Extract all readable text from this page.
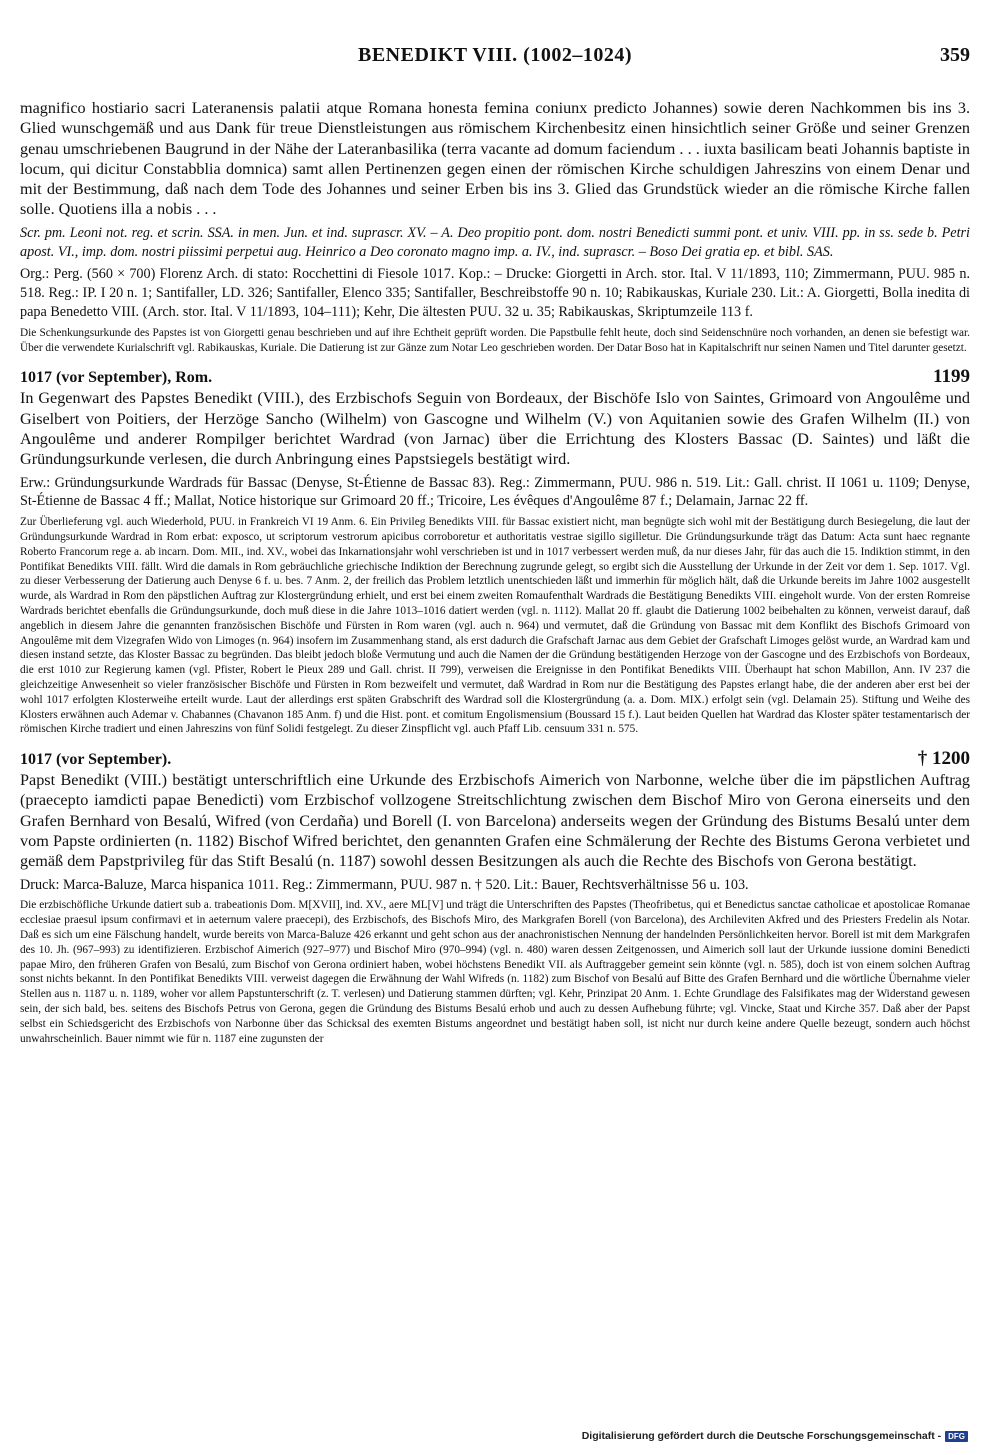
BENEDIKT VIII. (1002–1024)	359

magnifico hostiario sacri Lateranensis palatii atque Romana honesta femina coniunx predicto Johannes) sowie deren Nachkommen bis ins 3. Glied wunschgemäß und aus Dank für treue Dienstleistungen aus römischem Kirchenbesitz einen hinsichtlich seiner Größe und seiner Grenzen genau umschriebenen Baugrund in der Nähe der Lateranbasilika (terra vacante ad domum faciendum . . . iuxta basilicam beati Johannis baptiste in locum, qui dicitur Constabblia domnica) samt allen Pertinenzen gegen einen der römischen Kirche schuldigen Jahreszins von einem Denar und mit der Bestimmung, daß nach dem Tode des Johannes und seiner Erben bis ins 3. Glied das Grundstück wieder an die römische Kirche fallen solle. Quotiens illa a nobis . . .

Scr. pm. Leoni not. reg. et scrin. SSA. in men. Jun. et ind. suprascr. XV. – A. Deo propitio pont. dom. nostri Benedicti summi pont. et univ. VIII. pp. in ss. sede b. Petri apost. VI., imp. dom. nostri piissimi perpetui aug. Heinrico a Deo coronato magno imp. a. IV., ind. suprascr. – Boso Dei gratia ep. et bibl. SAS.

Org.: Perg. (560 × 700) Florenz Arch. di stato: Rocchettini di Fiesole 1017. Kop.: – Drucke: Giorgetti in Arch. stor. Ital. V 11/1893, 110; Zimmermann, PUU. 985 n. 518. Reg.: IP. I 20 n. 1; Santifaller, LD. 326; Santifaller, Elenco 335; Santifaller, Beschreibstoffe 90 n. 10; Rabikauskas, Kuriale 230. Lit.: A. Giorgetti, Bolla inedita di papa Benedetto VIII. (Arch. stor. Ital. V 11/1893, 104–111); Kehr, Die ältesten PUU. 32 u. 35; Rabikauskas, Skriptumzeile 113 f.

Die Schenkungsurkunde des Papstes ist von Giorgetti genau beschrieben und auf ihre Echtheit geprüft worden. Die Papstbulle fehlt heute, doch sind Seidenschnüre noch vorhanden, an denen sie befestigt war. Über die verwendete Kurialschrift vgl. Rabikauskas, Kuriale. Die Datierung ist zur Gänze zum Notar Leo geschrieben worden. Der Datar Boso hat in Kapitalschrift nur seinen Namen und Titel darunter gesetzt.

1017 (vor September), Rom.	1199

In Gegenwart des Papstes Benedikt (VIII.), des Erzbischofs Seguin von Bordeaux, der Bischöfe Islo von Saintes, Grimoard von Angoulême und Giselbert von Poitiers, der Herzöge Sancho (Wilhelm) von Gascogne und Wilhelm (V.) von Aquitanien sowie des Grafen Wilhelm (II.) von Angoulême und anderer Rompilger berichtet Wardrad (von Jarnac) über die Errichtung des Klosters Bassac (D. Saintes) und läßt die Gründungsurkunde verlesen, die durch Anbringung eines Papstsiegels bestätigt wird.

Erw.: Gründungsurkunde Wardrads für Bassac (Denyse, St-Étienne de Bassac 83). Reg.: Zimmermann, PUU. 986 n. 519. Lit.: Gall. christ. II 1061 u. 1109; Denyse, St-Étienne de Bassac 4 ff.; Mallat, Notice historique sur Grimoard 20 ff.; Tricoire, Les évêques d'Angoulême 87 f.; Delamain, Jarnac 22 ff.

Zur Überlieferung vgl. auch Wiederhold, PUU. in Frankreich VI 19 Anm. 6. Ein Privileg Benedikts VIII. für Bassac existiert nicht, man begnügte sich wohl mit der Bestätigung durch Besiegelung, die laut der Gründungsurkunde Wardrad in Rom erbat: exposco, ut scriptorum vestrorum apicibus corroboretur et authoritatis vestrae sigillo sigilletur. Die Gründungsurkunde trägt das Datum: Acta sunt haec regnante Roberto Francorum rege a. ab incarn. Dom. MII., ind. XV., wobei das Inkarnationsjahr wohl verschrieben ist und in 1017 verbessert werden muß, da nur dieses Jahr, für das auch die 15. Indiktion stimmt, in den Pontifikat Benedikts VIII. fällt. Wird die damals in Rom gebräuchliche griechische Indiktion der Berechnung zugrunde gelegt, so ergibt sich die Ausstellung der Urkunde in der Zeit vor dem 1. Sep. 1017. Vgl. zu dieser Verbesserung der Datierung auch Denyse 6 f. u. bes. 7 Anm. 2, der freilich das Problem letztlich unentschieden läßt und immerhin für möglich hält, daß die Urkunde bereits im Jahre 1002 ausgestellt wurde, als Wardrad in Rom den päpstlichen Auftrag zur Klostergründung erhielt, und erst bei einem zweiten Romaufenthalt Wardrads die Bestätigung Benedikts VIII. eingeholt wurde. Von der ersten Romreise Wardrads berichtet ebenfalls die Gründungsurkunde, doch muß diese in die Jahre 1013–1016 datiert werden (vgl. n. 1112). Mallat 20 ff. glaubt die Datierung 1002 beibehalten zu können, verweist darauf, daß angeblich in diesem Jahre die genannten französischen Bischöfe und Fürsten in Rom waren (vgl. auch n. 964) und vermutet, daß die Gründung von Bassac mit dem Konflikt des Bischofs Grimoard von Angoulême mit dem Vizegrafen Wido von Limoges (n. 964) insofern im Zusammenhang stand, als erst dadurch die Grafschaft Jarnac aus dem Gebiet der Grafschaft Limoges gelöst wurde, an Wardrad kam und diesen instand setzte, das Kloster Bassac zu begründen. Das bleibt jedoch bloße Vermutung und auch die Namen der die Gründung bestätigenden Herzoge von der Gascogne und des Erzbischofs von Bordeaux, die erst 1010 zur Regierung kamen (vgl. Pfister, Robert le Pieux 289 und Gall. christ. II 799), verweisen die Ereignisse in den Pontifikat Benedikts VIII. Überhaupt hat schon Mabillon, Ann. IV 237 die gleichzeitige Anwesenheit so vieler französischer Bischöfe und Fürsten in Rom bezweifelt und vermutet, daß Wardrad in Rom nur die Bestätigung des Papstes erlangt habe, die der anderen aber erst bei der wohl 1017 erfolgten Klosterweihe erteilt wurde. Laut der allerdings erst späten Grabschrift des Wardrad soll die Klostergründung (a. a. Dom. MIX.) erfolgt sein (vgl. Delamain 25). Stiftung und Weihe des Klosters erwähnen auch Ademar v. Chabannes (Chavanon 185 Anm. f) und die Hist. pont. et comitum Engolismensium (Boussard 15 f.). Laut beiden Quellen hat Wardrad das Kloster später testamentarisch der römischen Kirche tradiert und einen Jahreszins von fünf Solidi festgelegt. Zu dieser Zinspflicht vgl. auch Pfaff Lib. censuum 331 n. 575.

1017 (vor September).	† 1200

Papst Benedikt (VIII.) bestätigt unterschriftlich eine Urkunde des Erzbischofs Aimerich von Narbonne, welche über die im päpstlichen Auftrag (praecepto iamdicti papae Benedicti) vom Erzbischof vollzogene Streitschlichtung zwischen dem Bischof Miro von Gerona einerseits und den Grafen Bernhard von Besalú, Wifred (von Cerdaña) und Borell (I. von Barcelona) anderseits wegen der Gründung des Bistums Besalú unter dem vom Papste ordinierten (n. 1182) Bischof Wifred berichtet, den genannten Grafen eine Schmälerung der Rechte des Bistums Gerona verbietet und gemäß dem Papstprivileg für das Stift Besalú (n. 1187) sowohl dessen Besitzungen als auch die Rechte des Bischofs von Gerona bestätigt.

Druck: Marca-Baluze, Marca hispanica 1011. Reg.: Zimmermann, PUU. 987 n. † 520. Lit.: Bauer, Rechtsverhältnisse 56 u. 103.

Die erzbischöfliche Urkunde datiert sub a. trabeationis Dom. M[XVII], ind. XV., aere ML[V] und trägt die Unterschriften des Papstes (Theofribetus, qui et Benedictus sanctae catholicae et apostolicae Romanae ecclesiae praesul ipsum confirmavi et in aeternum valere praecepi), des Erzbischofs, des Bischofs Miro, des Markgrafen Borell (von Barcelona), des Archileviten Akfred und des Priesters Fredelin als Notar. Daß es sich um eine Fälschung handelt, wurde bereits von Marca-Baluze 426 erkannt und geht schon aus der anachronistischen Nennung der handelnden Persönlichkeiten hervor. Borell ist mit dem Markgrafen des 10. Jh. (967–993) zu identifizieren. Erzbischof Aimerich (927–977) und Bischof Miro (970–994) (vgl. n. 480) waren dessen Zeitgenossen, und Aimerich soll laut der Urkunde iussione domini Benedicti papae Miro, den früheren Grafen von Besalú, zum Bischof von Gerona ordiniert haben, wobei höchstens Benedikt VII. als Auftraggeber gemeint sein könnte (vgl. n. 585), doch ist von einem solchen Auftrag sonst nichts bekannt. In den Pontifikat Benedikts VIII. verweist dagegen die Erwähnung der Wahl Wifreds (n. 1182) zum Bischof von Besalú auf Bitte des Grafen Bernhard und die wörtliche Übernahme vieler Stellen aus n. 1187 u. n. 1189, woher vor allem Papstunterschrift (z. T. verlesen) und Datierung stammen dürften; vgl. Kehr, Prinzipat 20 Anm. 1. Echte Grundlage des Falsifikates mag der Widerstand gewesen sein, der sich bald, bes. seitens des Bischofs Petrus von Gerona, gegen die Gründung des Bistums Besalú erhob und auch zu dessen Aufhebung führte; vgl. Vincke, Staat und Kirche 357. Daß aber der Papst selbst ein Schiedsgericht des Erzbischofs von Narbonne über das Schicksal des exemten Bistums angeordnet und bestätigt haben soll, ist nicht nur durch keine andere Quelle bezeugt, sondern auch höchst unwahrscheinlich. Bauer nimmt wie für n. 1187 eine zugunsten der

Digitalisierung gefördert durch die Deutsche Forschungsgemeinschaft - DFG
